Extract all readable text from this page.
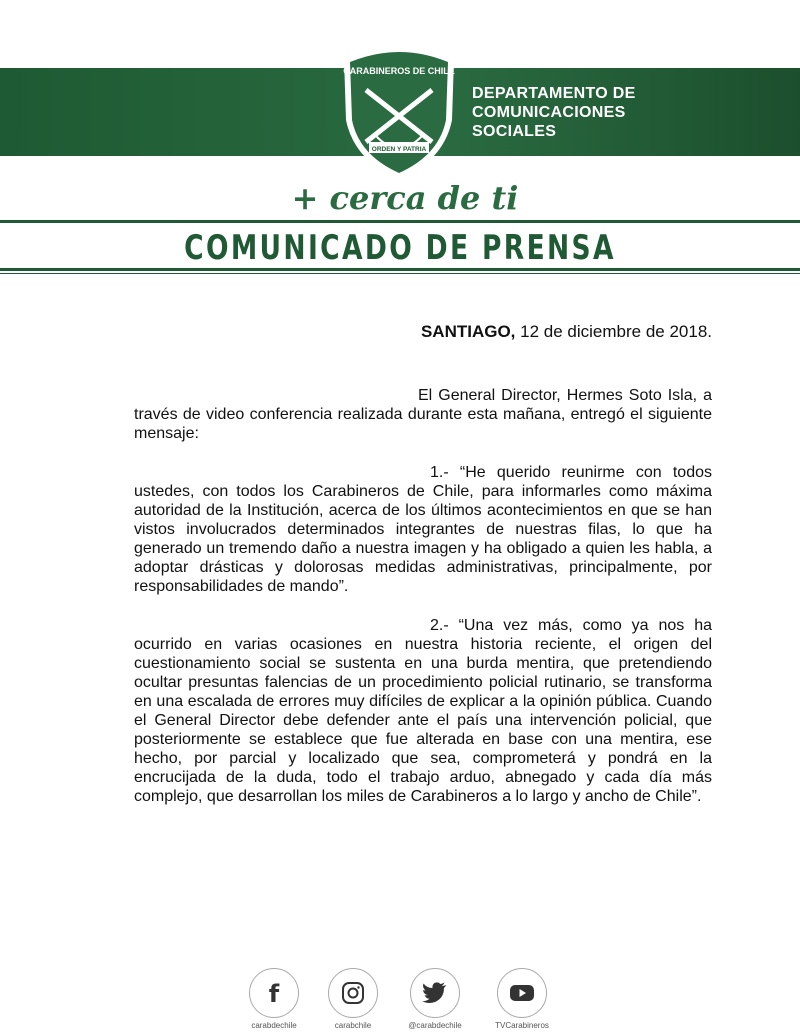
CARABINEROS DE CHILE
ORDEN Y PATRIA
DEPARTAMENTO DE
COMUNICACIONES
SOCIALES
+ cerca de ti
COMUNICADO DE PRENSA
SANTIAGO, 12 de diciembre de 2018.

El General Director, Hermes Soto Isla, a través de video conferencia realizada durante esta mañana, entregó el siguiente mensaje:

1.- “He querido reunirme con todos ustedes, con todos los Carabineros de Chile, para informarles como máxima autoridad de la Institución, acerca de los últimos acontecimientos en que se han vistos involucrados determinados integrantes de nuestras filas, lo que ha generado un tremendo daño a nuestra imagen y ha obligado a quien les habla, a adoptar drásticas y dolorosas medidas administrativas, principalmente, por responsabilidades de mando”.

2.- “Una vez más, como ya nos ha ocurrido en varias ocasiones en nuestra historia reciente, el origen del cuestionamiento social se sustenta en una burda mentira, que pretendiendo ocultar presuntas falencias de un procedimiento policial rutinario, se transforma en una escalada de errores muy difíciles de explicar a la opinión pública. Cuando el General Director debe defender ante el país una intervención policial, que posteriormente se establece que fue alterada en base con una mentira, ese hecho, por parcial y localizado que sea, comprometerá y pondrá en la encrucijada de la duda, todo el trabajo arduo, abnegado y cada día más complejo, que desarrollan los miles de Carabineros a lo largo y ancho de Chile”.

f
carabdechile	carabchile	@carabdechile	TVCarabineros
